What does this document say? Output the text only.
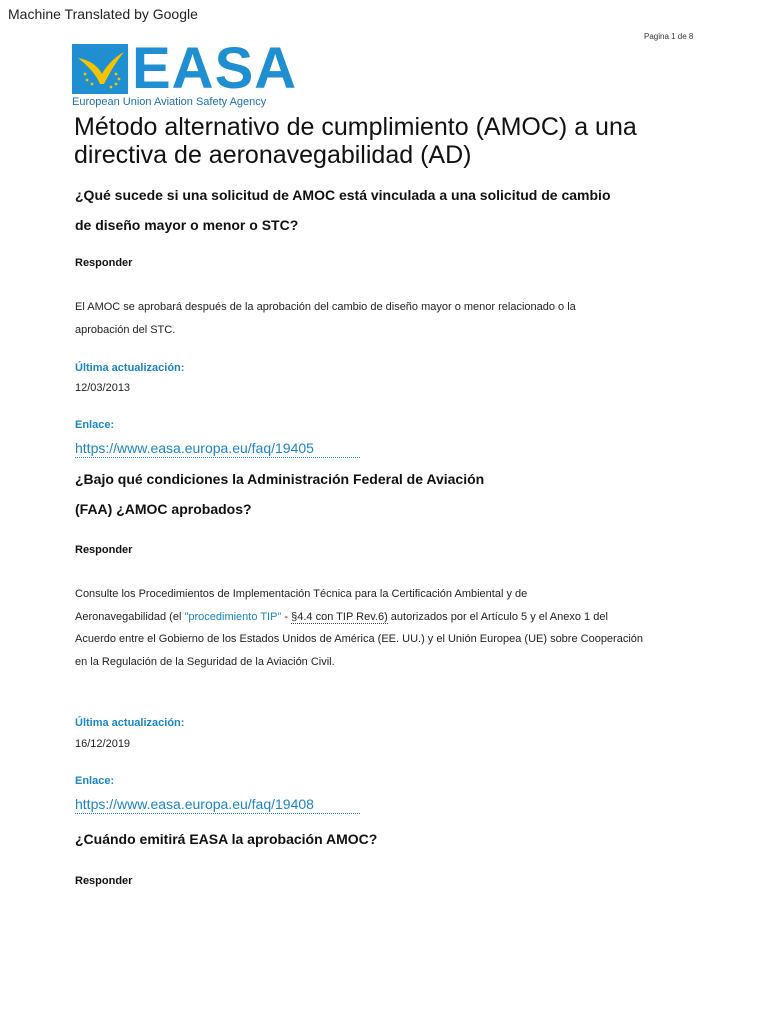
Machine Translated by Google
Pagina 1 de 8
EASA
European Union Aviation Safety Agency
Método alternativo de cumplimiento (AMOC) a una directiva de aeronavegabilidad (AD)

¿Qué sucede si una solicitud de AMOC está vinculada a una solicitud de cambio
de diseño mayor o menor o STC?

Responder

El AMOC se aprobará después de la aprobación del cambio de diseño mayor o menor relacionado o la
aprobación del STC.

Última actualización:
12/03/2013
Enlace:
https://www.easa.europa.eu/faq/19405

¿Bajo qué condiciones la Administración Federal de Aviación
(FAA) ¿AMOC aprobados?

Responder

Consulte los Procedimientos de Implementación Técnica para la Certificación Ambiental y de
Aeronavegabilidad (el "procedimiento TIP" - §4.4 con TIP Rev.6) autorizados por el Artículo 5 y el Anexo 1 del
Acuerdo entre el Gobierno de los Estados Unidos de América (EE. UU.) y el Unión Europea (UE) sobre Cooperación
en la Regulación de la Seguridad de la Aviación Civil.

Última actualización:
16/12/2019
Enlace:
https://www.easa.europa.eu/faq/19408

¿Cuándo emitirá EASA la aprobación AMOC?

Responder
